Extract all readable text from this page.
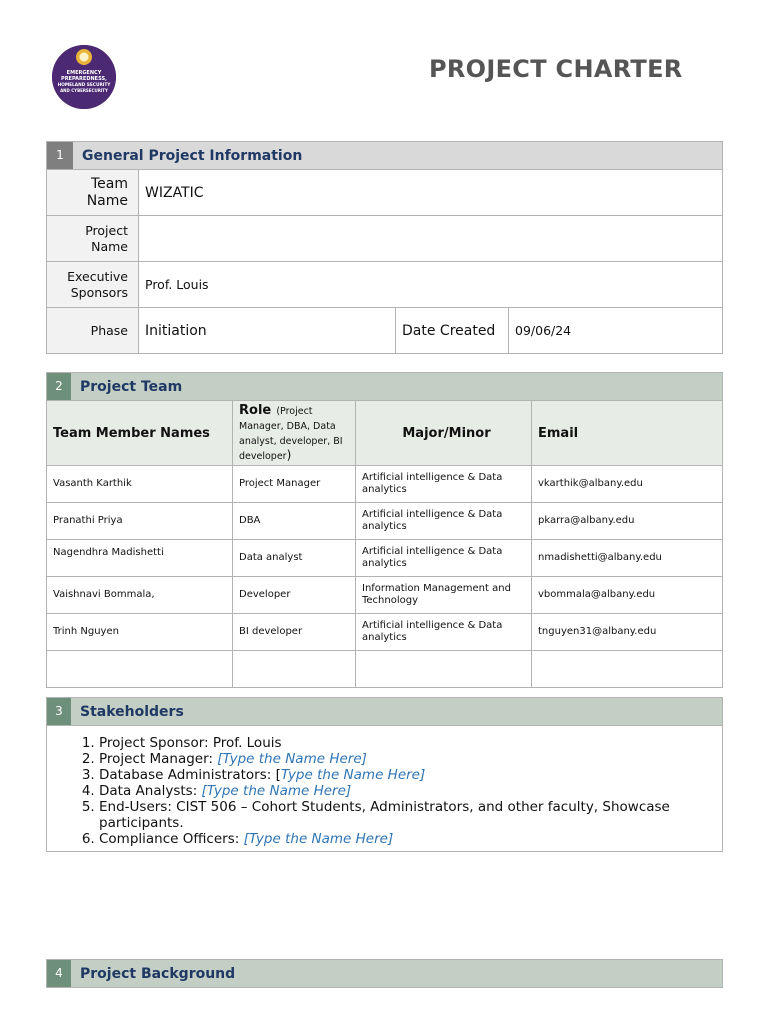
EMERGENCY
PREPAREDNESS,
HOMELAND SECURITY
AND CYBERSECURITY
PROJECT CHARTER
1 General Project Information			

Team Name	WIZATIC		
Project Name			
Executive Sponsors	Prof. Louis		
Phase	Initiation	Date Created	09/06/24
2 Project Team			

Team Member Names	Role (Project Manager, DBA, Data analyst, developer, BI developer)	Major/Minor	Email
Vasanth Karthik	Project Manager	Artificial intelligence & Data analytics	vkarthik@albany.edu
Pranathi Priya	DBA	Artificial intelligence & Data analytics	pkarra@albany.edu
Nagendhra Madishetti	Data analyst	Artificial intelligence & Data analytics	nmadishetti@albany.edu
Vaishnavi Bommala,	Developer	Information Management and Technology	vbommala@albany.edu
Trinh Nguyen	BI developer	Artificial intelligence & Data analytics	tnguyen31@albany.edu

3	Stakeholders
1. Project Sponsor: Prof. Louis
2. Project Manager: [Type the Name Here]
3. Database Administrators: [Type the Name Here]
4. Data Analysts: [Type the Name Here]
5. End-Users: CIST 506 – Cohort Students, Administrators, and other faculty, Showcase participants.
6. Compliance Officers: [Type the Name Here]
4	Project Background
